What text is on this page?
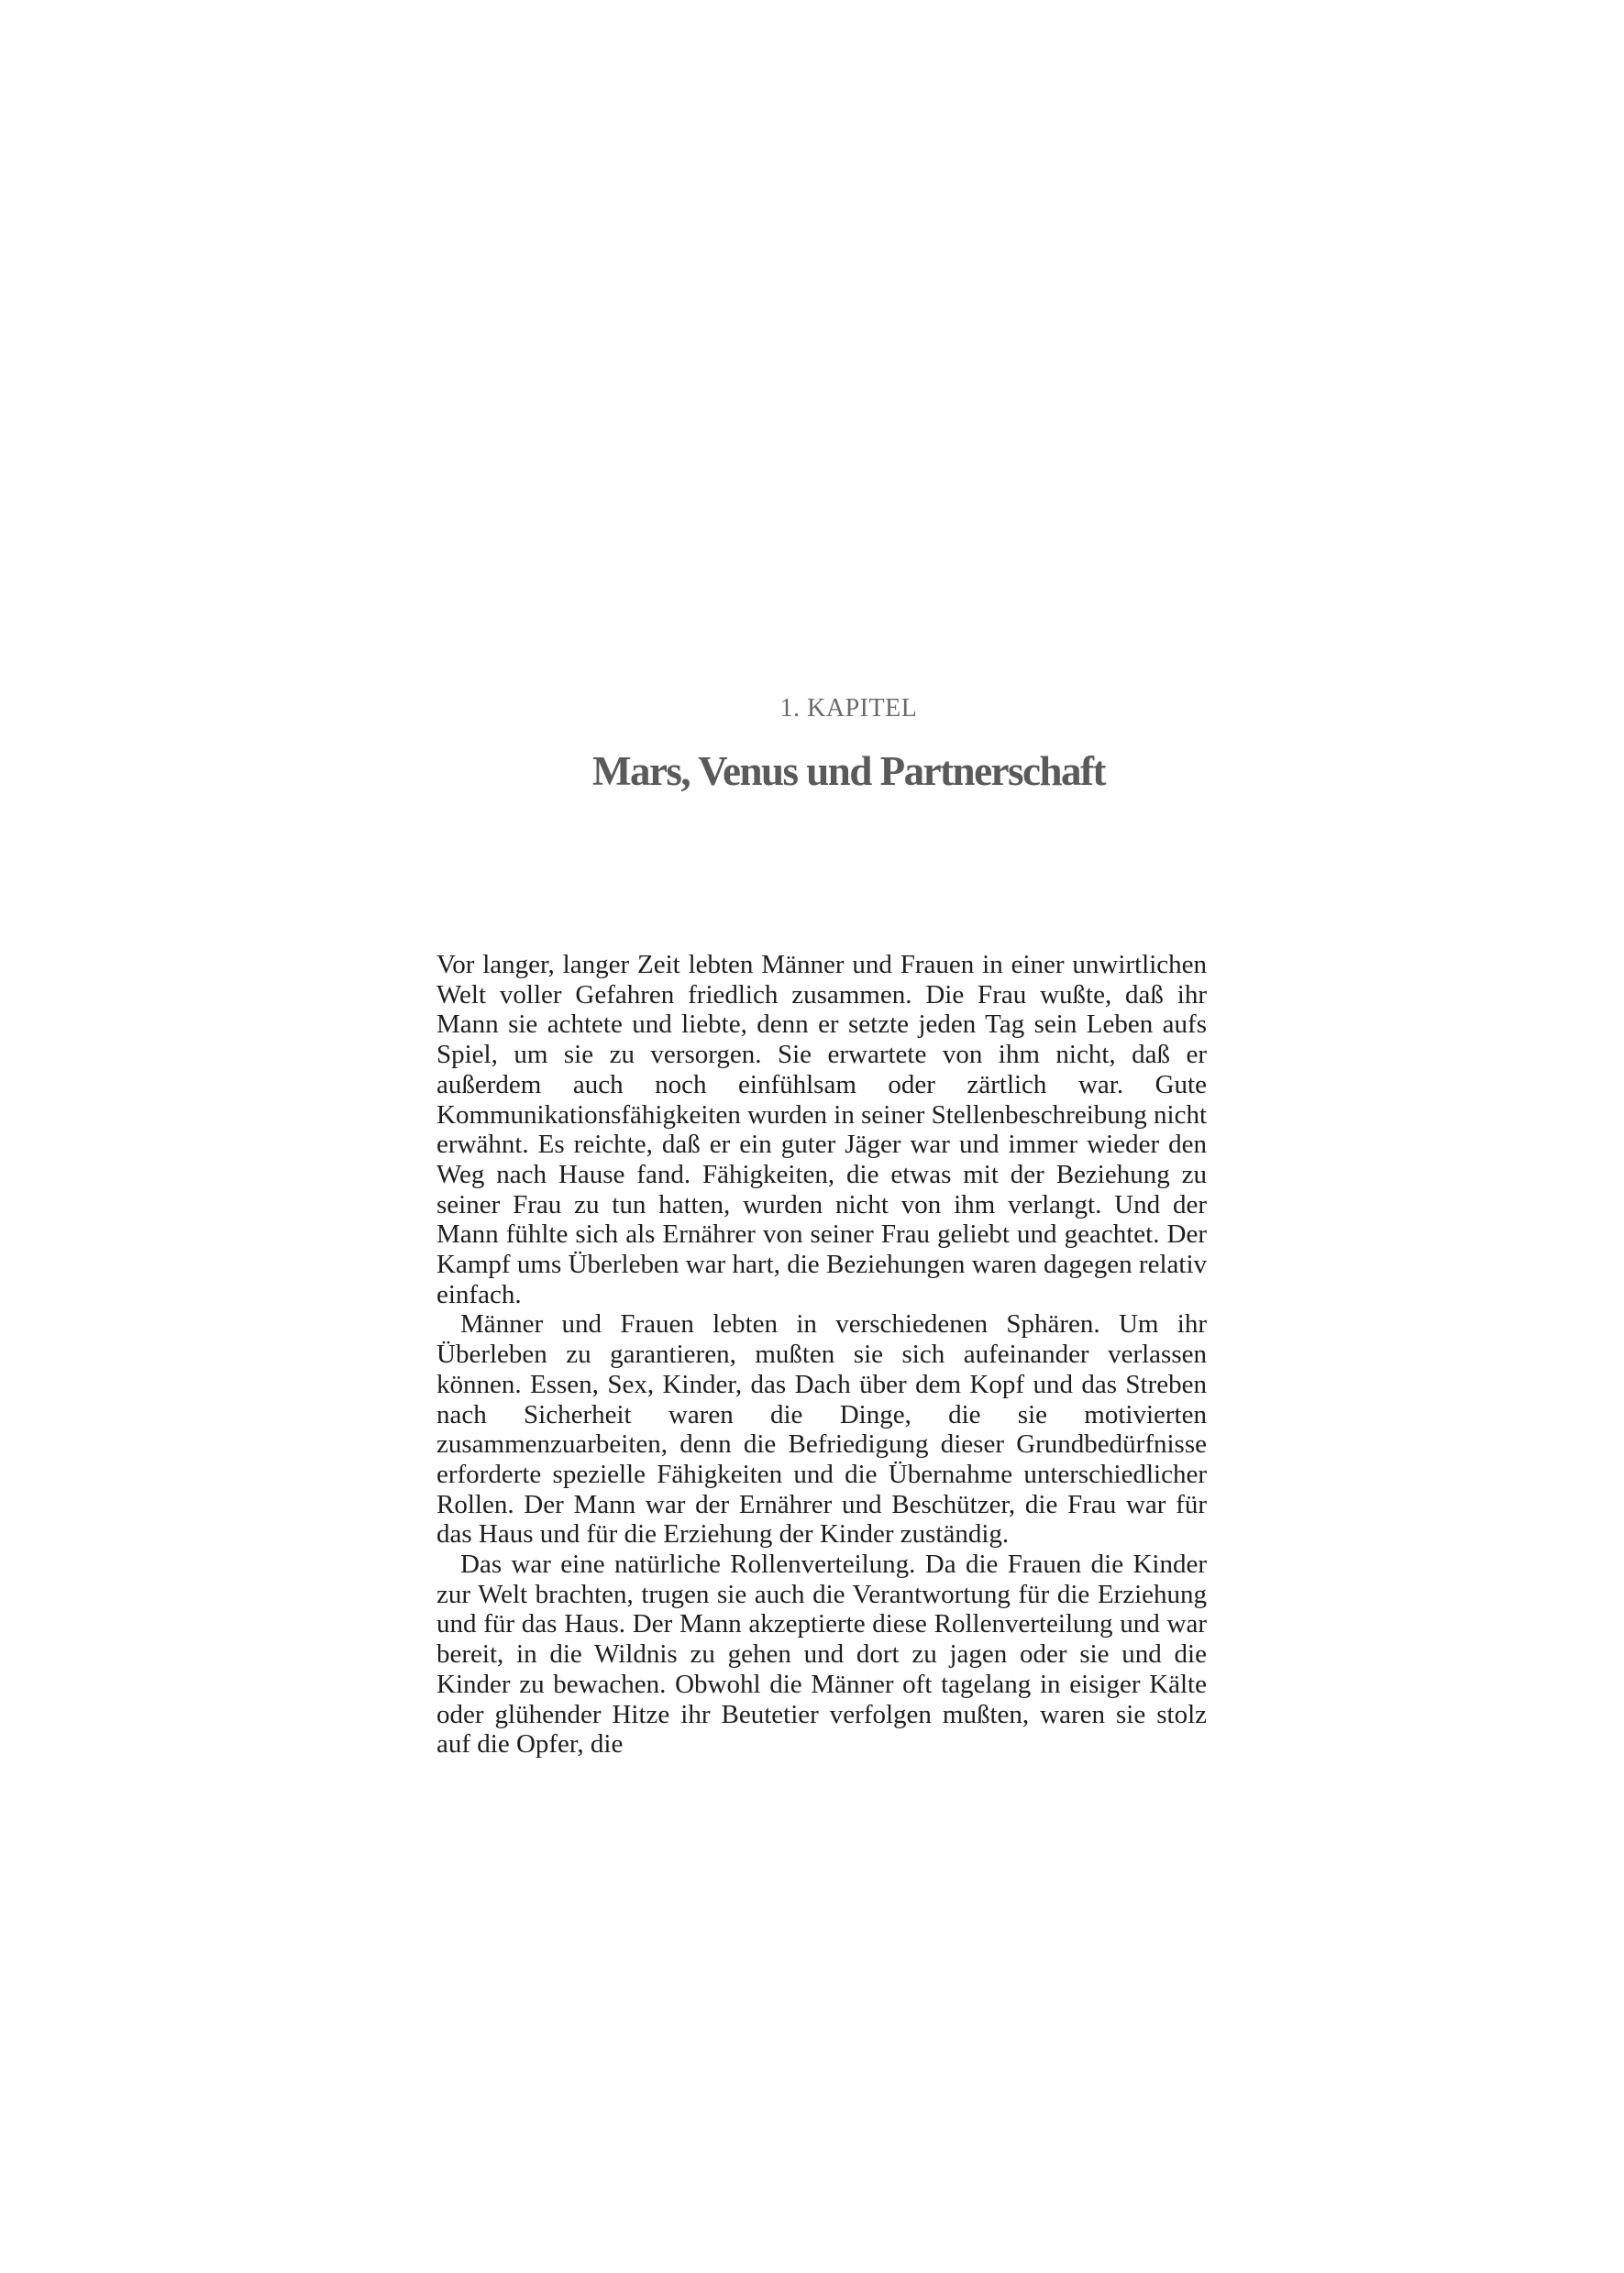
1. KAPITEL
Mars, Venus und Partnerschaft

Vor langer, langer Zeit lebten Männer und Frauen in einer unwirtlichen Welt voller Gefahren friedlich zusammen. Die Frau wußte, daß ihr Mann sie achtete und liebte, denn er setzte jeden Tag sein Leben aufs Spiel, um sie zu versorgen. Sie erwartete von ihm nicht, daß er außerdem auch noch einfühlsam oder zärtlich war. Gute Kommunikationsfähigkeiten wurden in seiner Stellenbeschreibung nicht erwähnt. Es reichte, daß er ein guter Jäger war und immer wieder den Weg nach Hause fand. Fähigkeiten, die etwas mit der Beziehung zu seiner Frau zu tun hatten, wurden nicht von ihm verlangt. Und der Mann fühlte sich als Ernährer von seiner Frau geliebt und geachtet. Der Kampf ums Überleben war hart, die Beziehungen waren dagegen relativ einfach.

Männer und Frauen lebten in verschiedenen Sphären. Um ihr Überleben zu garantieren, mußten sie sich aufeinander verlassen können. Essen, Sex, Kinder, das Dach über dem Kopf und das Streben nach Sicherheit waren die Dinge, die sie motivierten zusammenzuarbeiten, denn die Befriedigung dieser Grundbedürfnisse erforderte spezielle Fähigkeiten und die Übernahme unterschiedlicher Rollen. Der Mann war der Ernährer und Beschützer, die Frau war für das Haus und für die Erziehung der Kinder zuständig.

Das war eine natürliche Rollenverteilung. Da die Frauen die Kinder zur Welt brachten, trugen sie auch die Verantwortung für die Erziehung und für das Haus. Der Mann akzeptierte diese Rollenverteilung und war bereit, in die Wildnis zu gehen und dort zu jagen oder sie und die Kinder zu bewachen. Obwohl die Männer oft tagelang in eisiger Kälte oder glühender Hitze ihr Beutetier verfolgen mußten, waren sie stolz auf die Opfer, die
